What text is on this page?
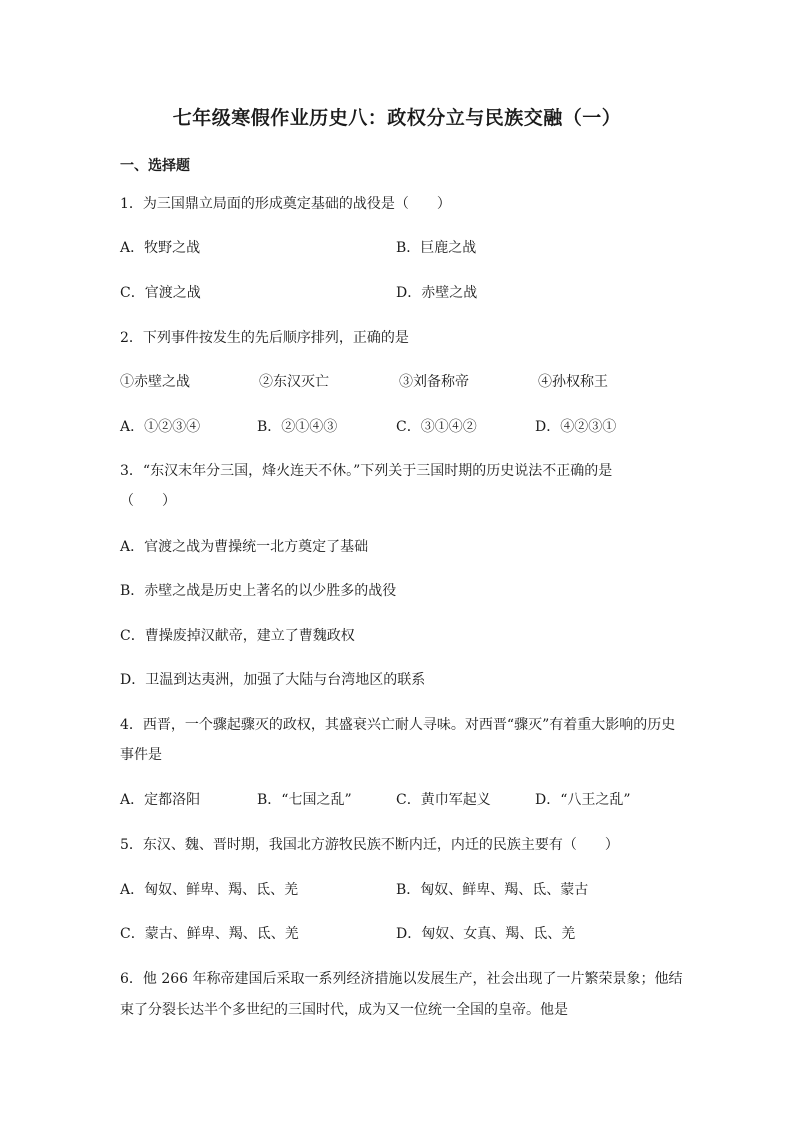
七年级寒假作业历史八：政权分立与民族交融（一）
一、选择题
1．为三国鼎立局面的形成奠定基础的战役是（　　）
A．牧野之战	B．巨鹿之战
C．官渡之战	D．赤壁之战
2．下列事件按发生的先后顺序排列，正确的是
①赤壁之战	②东汉灭亡	③刘备称帝	④孙权称王
A．①②③④	B．②①④③	C．③①④②	D．④②③①
3．“东汉末年分三国，烽火连天不休。”下列关于三国时期的历史说法不正确的是
（　　）
A．官渡之战为曹操统一北方奠定了基础
B．赤壁之战是历史上著名的以少胜多的战役
C．曹操废掉汉献帝，建立了曹魏政权
D．卫温到达夷洲，加强了大陆与台湾地区的联系
4．西晋，一个骤起骤灭的政权，其盛衰兴亡耐人寻味。对西晋“骤灭”有着重大影响的历史
事件是
A．定都洛阳	B．“七国之乱”	C．黄巾军起义	D．“八王之乱”
5．东汉、魏、晋时期，我国北方游牧民族不断内迁，内迁的民族主要有（　　）
A．匈奴、鲜卑、羯、氐、羌	B．匈奴、鲜卑、羯、氐、蒙古
C．蒙古、鲜卑、羯、氐、羌	D．匈奴、女真、羯、氐、羌
6．他 266 年称帝建国后采取一系列经济措施以发展生产，社会出现了一片繁荣景象；他结
束了分裂长达半个多世纪的三国时代，成为又一位统一全国的皇帝。他是
